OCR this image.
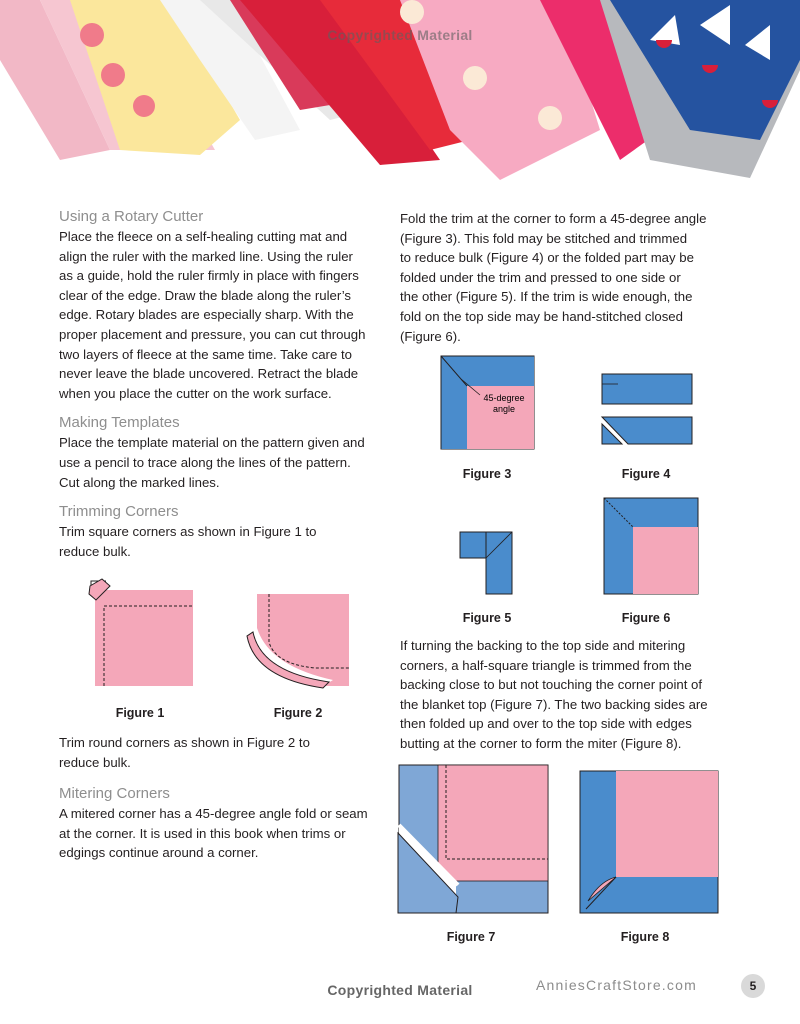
Copyrighted Material
Using a Rotary Cutter

Place the fleece on a self-healing cutting mat and
align the ruler with the marked line. Using the ruler
as a guide, hold the ruler firmly in place with fingers
clear of the edge. Draw the blade along the ruler’s
edge. Rotary blades are especially sharp. With the
proper placement and pressure, you can cut through
two layers of fleece at the same time. Take care to
never leave the blade uncovered. Retract the blade
when you place the cutter on the work surface.

Making Templates

Place the template material on the pattern given and
use a pencil to trace along the lines of the pattern.
Cut along the marked lines.

Trimming Corners

Trim square corners as shown in Figure 1 to
reduce bulk.

Figure 1	Figure 2

Trim round corners as shown in Figure 2 to
reduce bulk.

Mitering Corners

A mitered corner has a 45-degree angle fold or seam
at the corner. It is used in this book when trims or
edgings continue around a corner.

Fold the trim at the corner to form a 45-degree angle
(Figure 3). This fold may be stitched and trimmed
to reduce bulk (Figure 4) or the folded part may be
folded under the trim and pressed to one side or
the other (Figure 5). If the trim is wide enough, the
fold on the top side may be hand-stitched closed
(Figure 6).

45-degree
angle
Figure 3	Figure 4
Figure 5	Figure 6

If turning the backing to the top side and mitering
corners, a half-square triangle is trimmed from the
backing close to but not touching the corner point of
the blanket top (Figure 7). The two backing sides are
then folded up and over to the top side with edges
butting at the corner to form the miter (Figure 8).

Figure 7	Figure 8
Copyrighted Material	AnniesCraftStore.com	5
